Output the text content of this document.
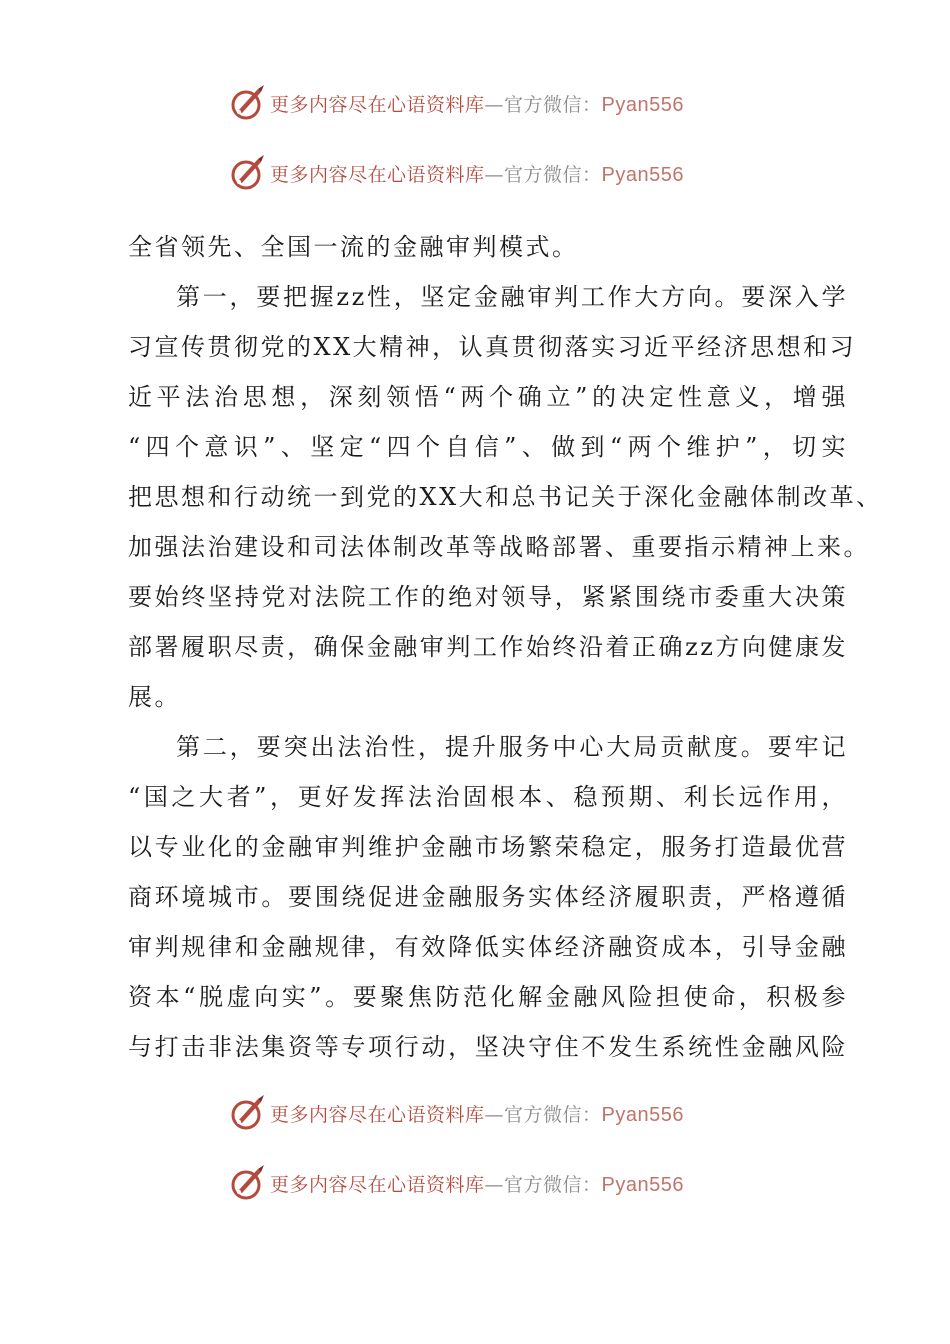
更多内容尽在心语资料库—官方微信：Pyan556
更多内容尽在心语资料库—官方微信：Pyan556
全省领先、全国一流的金融审判模式。
第一，要把握zz性，坚定金融审判工作大方向。要深入学
习宣传贯彻党的XX大精神，认真贯彻落实习近平经济思想和习
近平法治思想，深刻领悟“两个确立”的决定性意义，增强
“四个意识”、坚定“四个自信”、做到“两个维护”，切实
把思想和行动统一到党的XX大和总书记关于深化金融体制改革、
加强法治建设和司法体制改革等战略部署、重要指示精神上来。
要始终坚持党对法院工作的绝对领导，紧紧围绕市委重大决策
部署履职尽责，确保金融审判工作始终沿着正确zz方向健康发
展。
第二，要突出法治性，提升服务中心大局贡献度。要牢记
“国之大者”，更好发挥法治固根本、稳预期、利长远作用，
以专业化的金融审判维护金融市场繁荣稳定，服务打造最优营
商环境城市。要围绕促进金融服务实体经济履职责，严格遵循
审判规律和金融规律，有效降低实体经济融资成本，引导金融
资本“脱虚向实”。要聚焦防范化解金融风险担使命，积极参
与打击非法集资等专项行动，坚决守住不发生系统性金融风险
更多内容尽在心语资料库—官方微信：Pyan556
更多内容尽在心语资料库—官方微信：Pyan556
